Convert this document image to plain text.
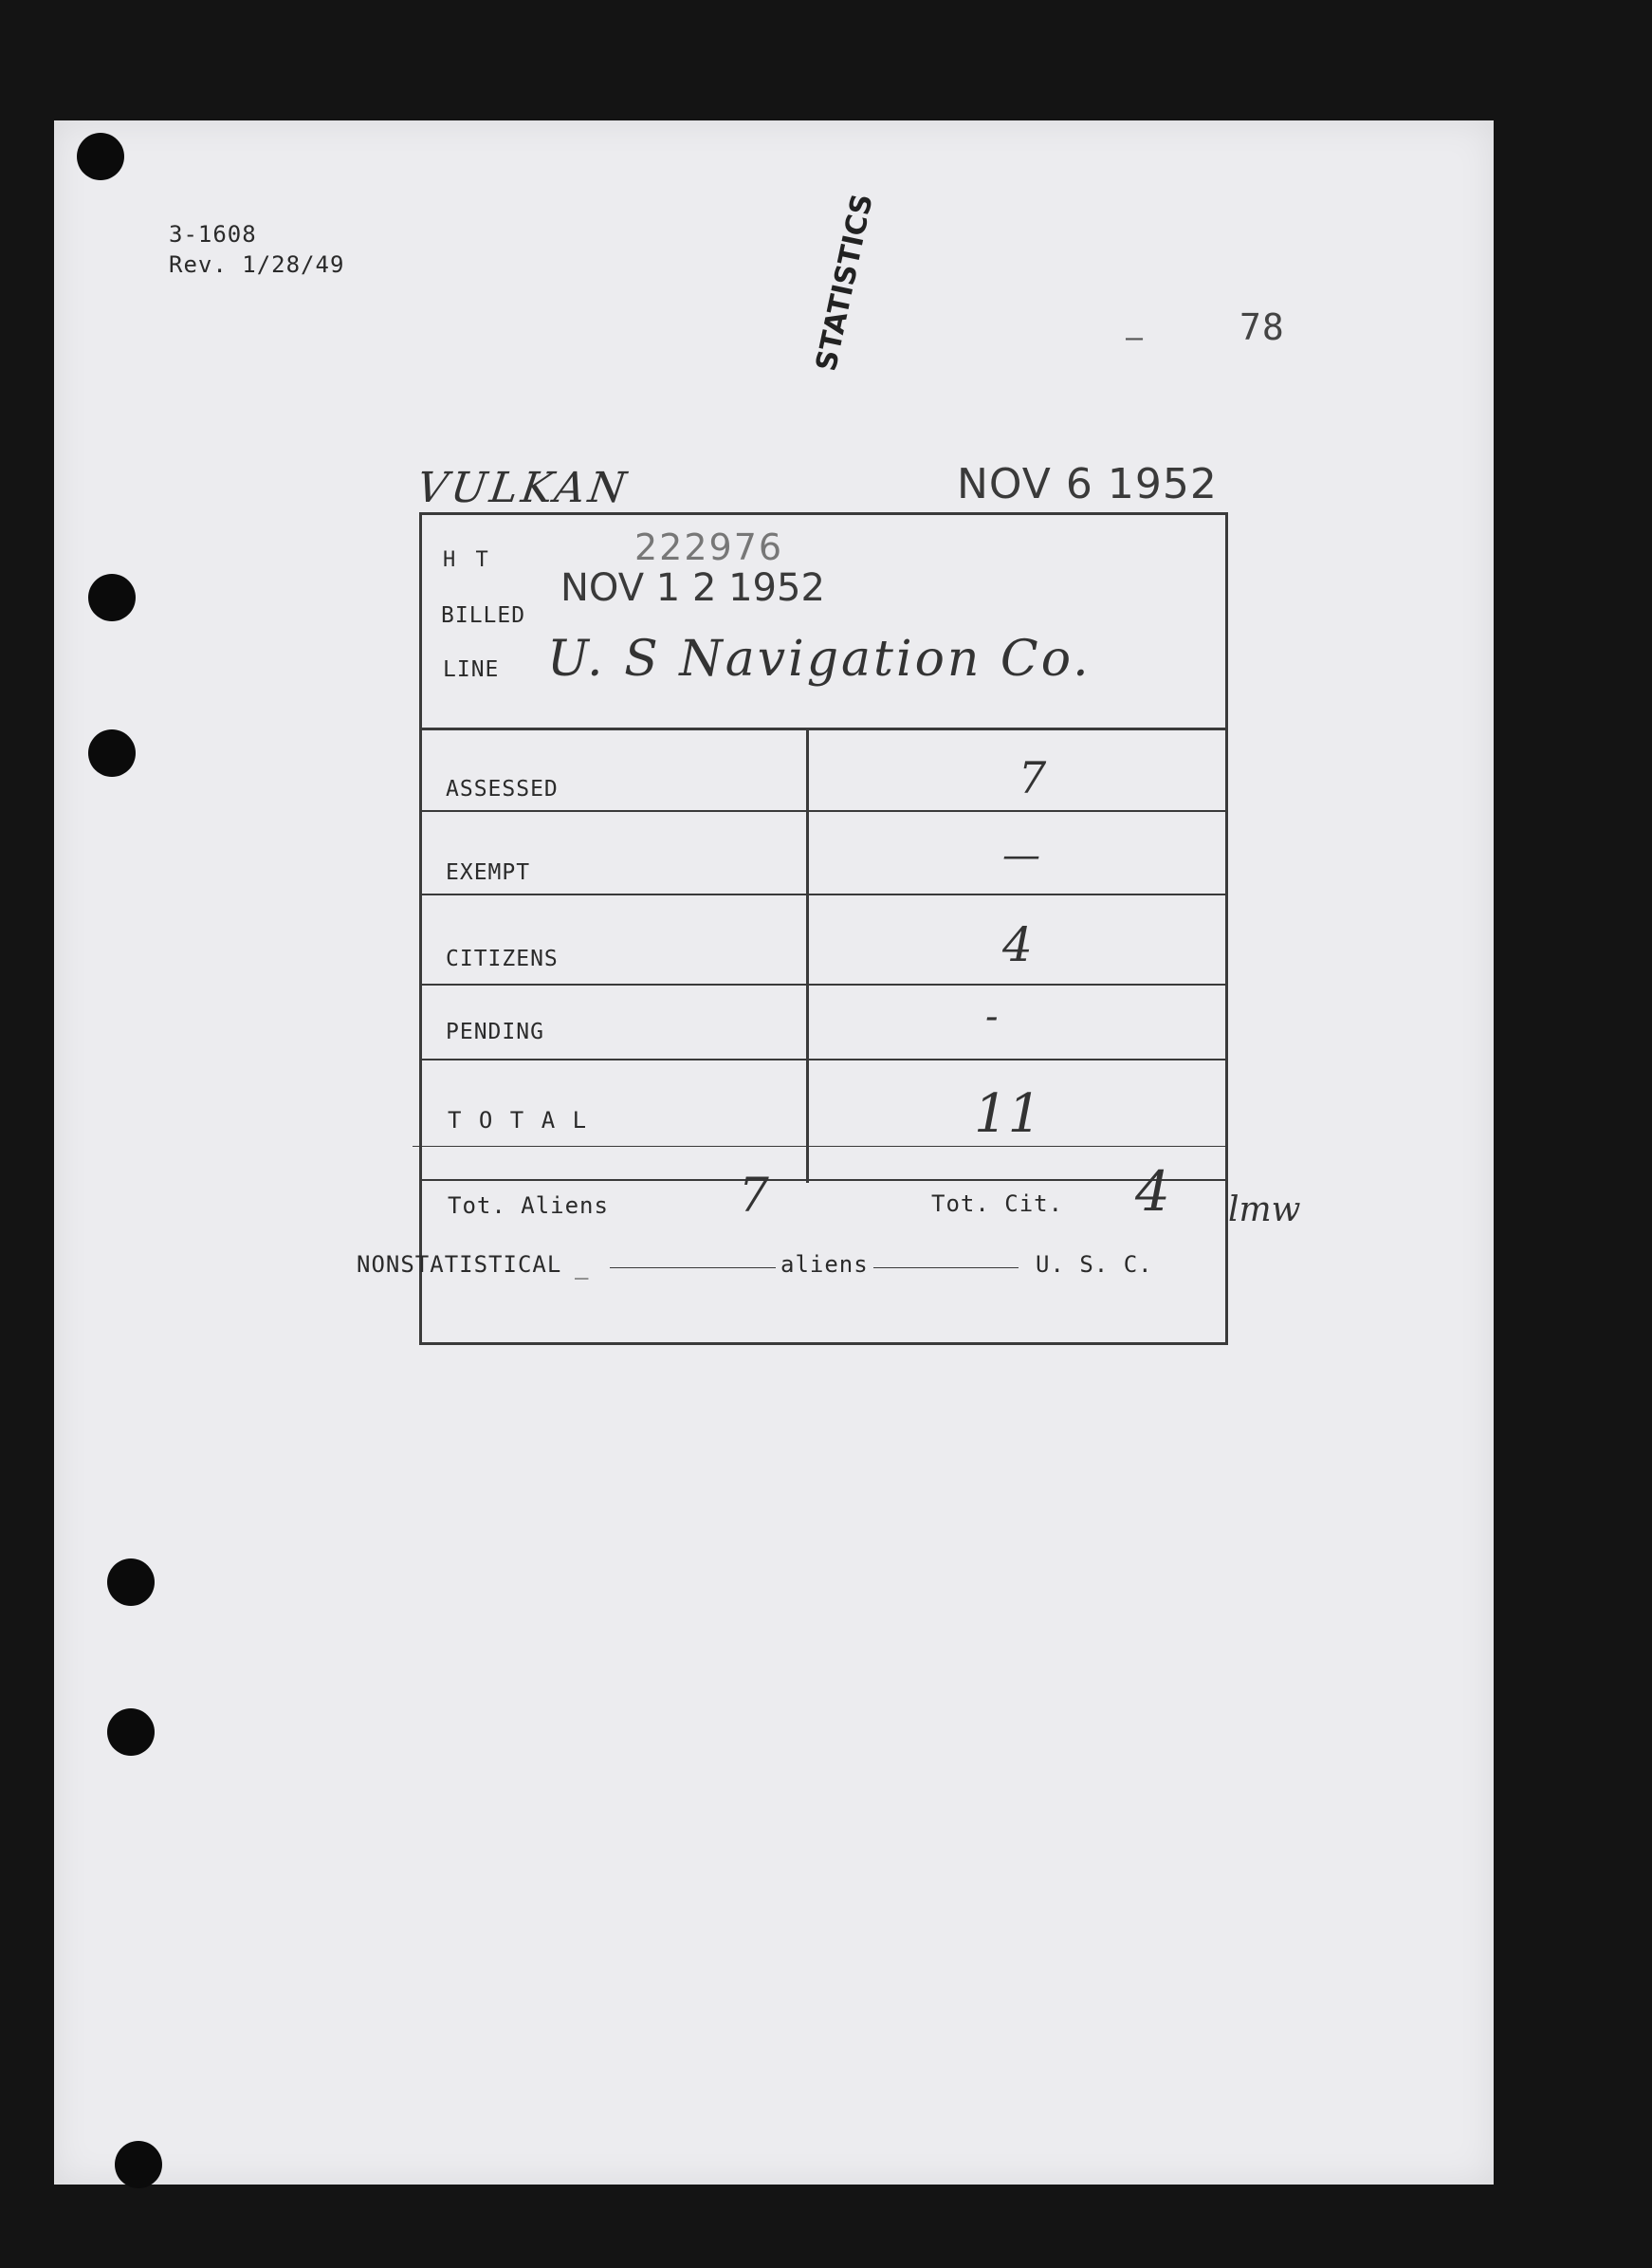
3-1608
Rev. 1/28/49
—	78
STATISTICS
VULKAN	NOV 6 1952
H T	222976
BILLED
NOV 1 2 1952
LINE U. S Navigation Co.
ASSESSED	7
EXEMPT	—
CITIZENS	4
PENDING	-
T O T A L	11
Tot. Aliens	7	Tot. Cit. 4 lmw
NONSTATISTICAL _	aliens	U. S. C.
